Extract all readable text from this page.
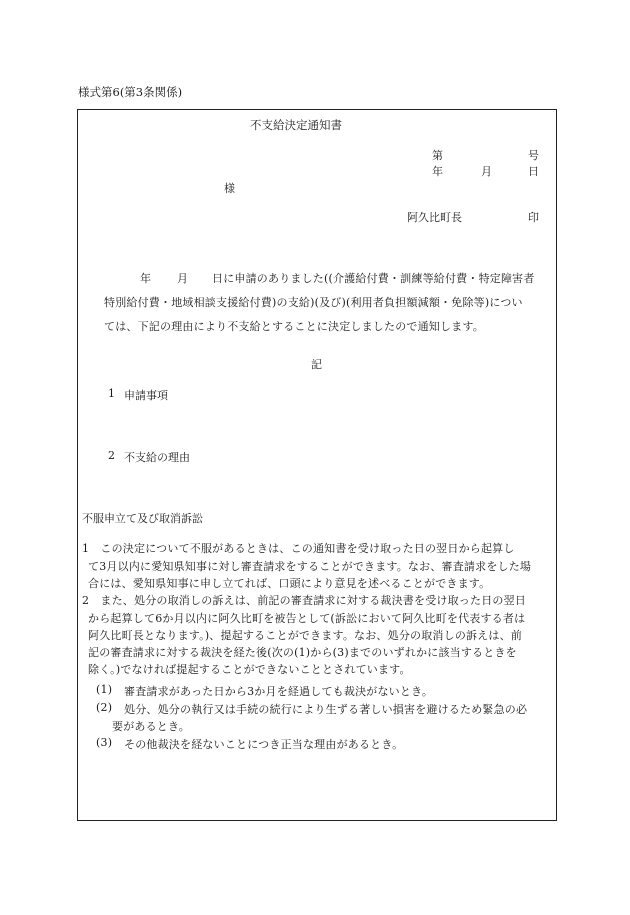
様式第6(第3条関係)
不支給決定通知書
第	号
年	月	日
様
阿久比町長	印
年 月 日に申請のありました((介護給付費・訓練等給付費・特定障害者
特別給付費・地域相談支援給付費)の支給)(及び)(利用者負担額減額・免除等)につい
ては、下記の理由により不支給とすることに決定しましたので通知します。
記
1 申請事項
2 不支給の理由
不服申立て及び取消訴訟
1　この決定について不服があるときは、この通知書を受け取った日の翌日から起算し
て3月以内に愛知県知事に対し審査請求をすることができます。なお、審査請求をした場
合には、愛知県知事に申し立てれば、口頭により意見を述べることができます。
2　また、処分の取消しの訴えは、前記の審査請求に対する裁決書を受け取った日の翌日
から起算して6か月以内に阿久比町を被告として(訴訟において阿久比町を代表する者は
阿久比町長となります。)、提起することができます。なお、処分の取消しの訴えは、前
記の審査請求に対する裁決を経た後(次の(1)から(3)までのいずれかに該当するときを
除く。)でなければ提起することができないこととされています。
(1) 審査請求があった日から3か月を経過しても裁決がないとき。
(2) 処分、処分の執行又は手続の続行により生ずる著しい損害を避けるため緊急の必
要があるとき。
(3) その他裁決を経ないことにつき正当な理由があるとき。
